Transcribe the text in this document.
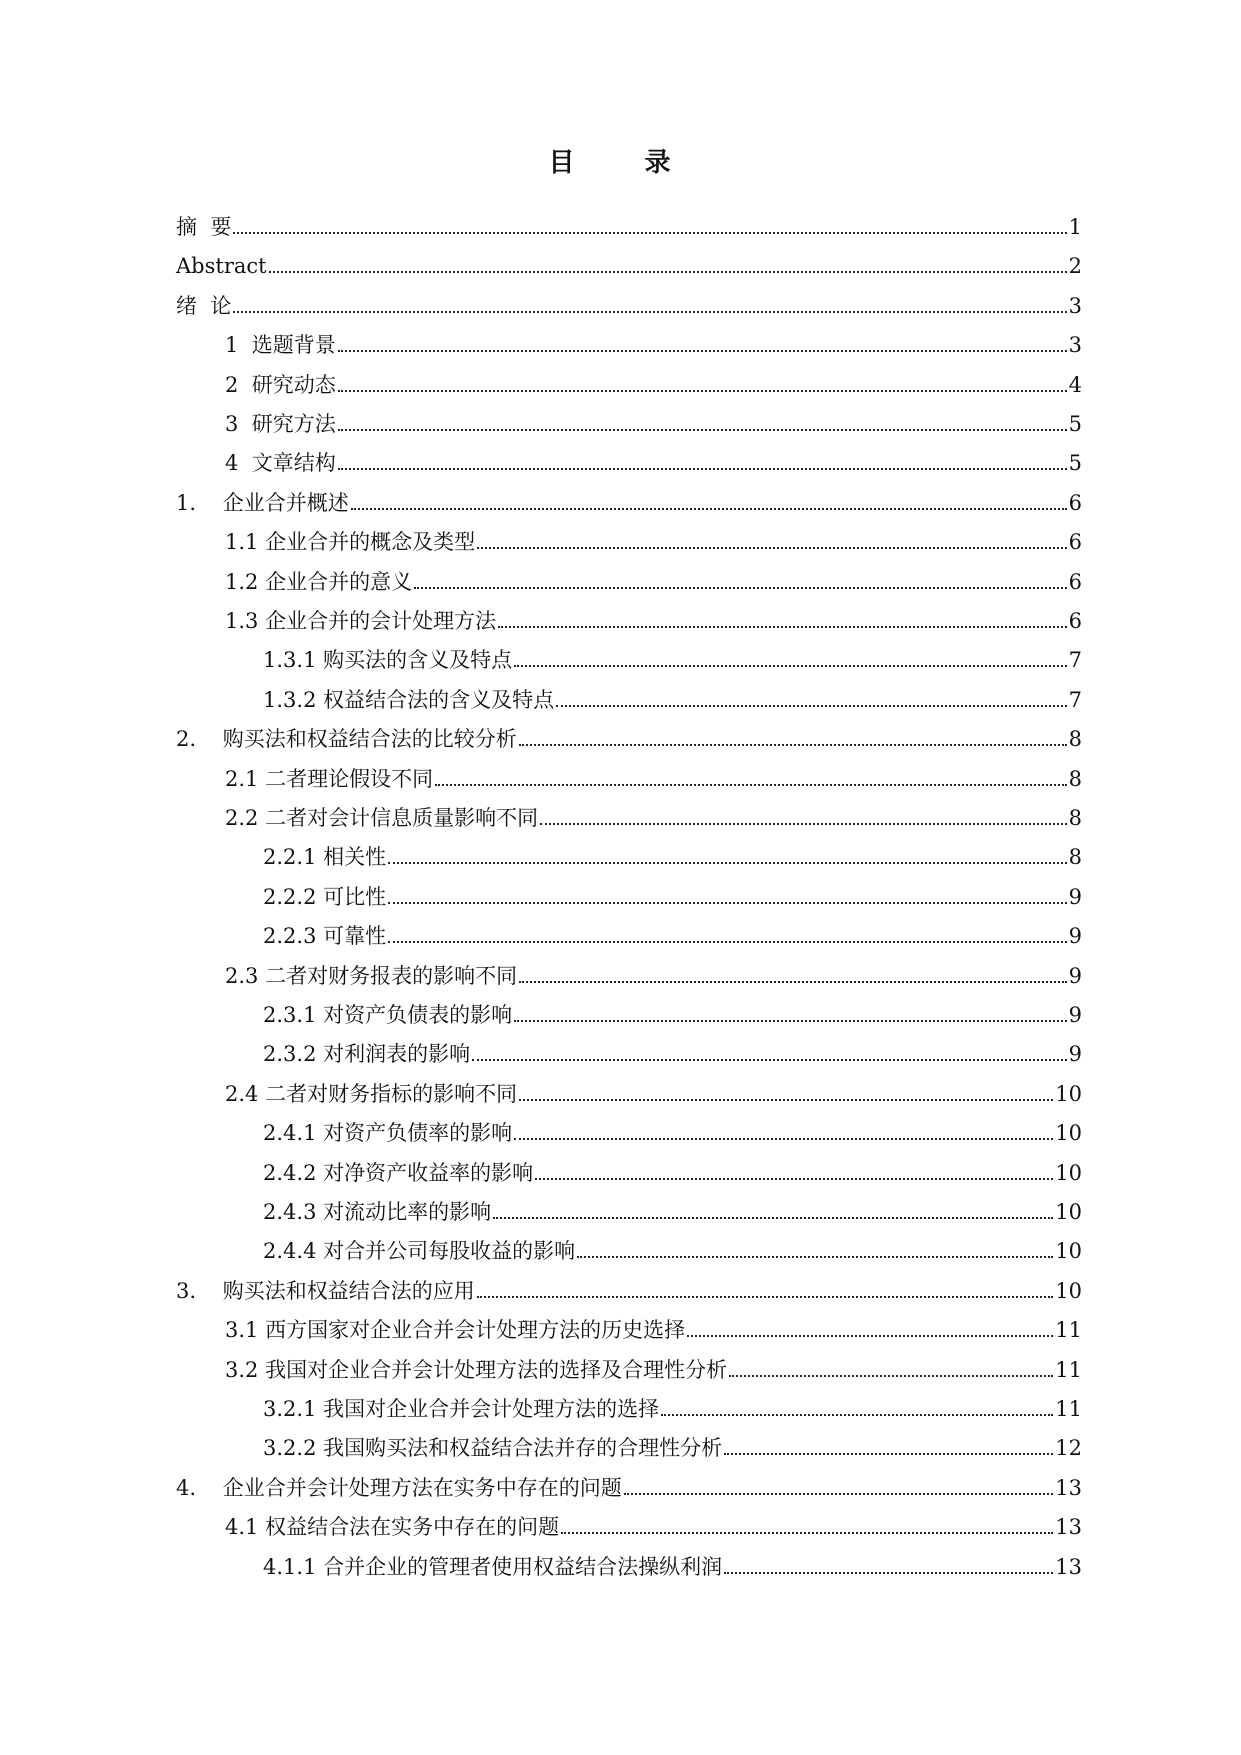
目　录
摘  要	1
Abstract	2
绪  论	3
1  选题背景	3
2  研究动态	4
3  研究方法	5
4  文章结构	5
1.    企业合并概述	6
1.1 企业合并的概念及类型	6
1.2 企业合并的意义	6
1.3 企业合并的会计处理方法	6
1.3.1 购买法的含义及特点	7
1.3.2 权益结合法的含义及特点	7
2.    购买法和权益结合法的比较分析	8
2.1 二者理论假设不同	8
2.2 二者对会计信息质量影响不同	8
2.2.1 相关性	8
2.2.2 可比性	9
2.2.3 可靠性	9
2.3 二者对财务报表的影响不同	9
2.3.1 对资产负债表的影响	9
2.3.2 对利润表的影响	9
2.4 二者对财务指标的影响不同	10
2.4.1 对资产负债率的影响	10
2.4.2 对净资产收益率的影响	10
2.4.3 对流动比率的影响	10
2.4.4 对合并公司每股收益的影响	10
3.    购买法和权益结合法的应用	10
3.1 西方国家对企业合并会计处理方法的历史选择	11
3.2 我国对企业合并会计处理方法的选择及合理性分析	11
3.2.1 我国对企业合并会计处理方法的选择	11
3.2.2 我国购买法和权益结合法并存的合理性分析	12
4.    企业合并会计处理方法在实务中存在的问题	13
4.1 权益结合法在实务中存在的问题	13
4.1.1 合并企业的管理者使用权益结合法操纵利润	13
